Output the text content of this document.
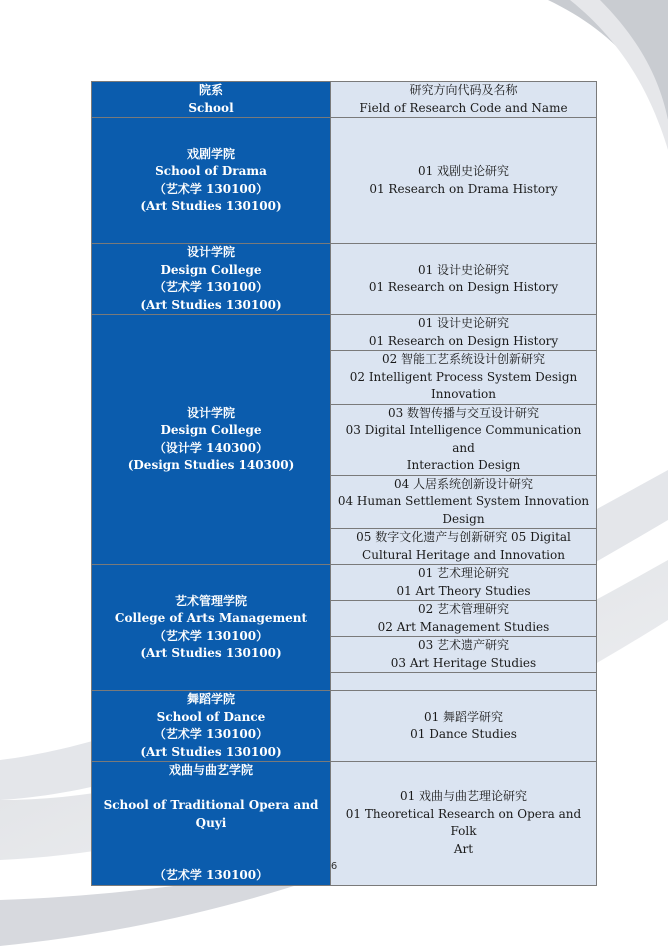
院系
School	研究方向代码及名称
Field of Research Code and Name

戏剧学院
School of Drama
（艺术学 130100）
(Art Studies 130100)	01 戏剧史论研究
01 Research on Drama History

设计学院
Design College
（艺术学 130100）
(Art Studies 130100)	01 设计史论研究
01 Research on Design History

设计学院
Design College
（设计学 140300）
(Design Studies 140300)	01 设计史论研究
01 Research on Design History

	02 智能工艺系统设计创新研究
02 Intelligent Process System Design
Innovation

	03 数智传播与交互设计研究
03 Digital Intelligence Communication and
Interaction Design

	04 人居系统创新设计研究
04 Human Settlement System Innovation
Design

	05 数字文化遗产与创新研究 05 Digital
Cultural Heritage and Innovation

艺术管理学院
College of Arts Management
（艺术学 130100）
(Art Studies 130100)	01 艺术理论研究
01 Art Theory Studies

	02 艺术管理研究
02 Art Management Studies

	03 艺术遗产研究
03 Art Heritage Studies

舞蹈学院
School of Dance
（艺术学 130100）
(Art Studies 130100)	01 舞蹈学研究
01 Dance Studies

戏曲与曲艺学院
School of Traditional Opera and Quyi
（艺术学 130100）	01 戏曲与曲艺理论研究
01 Theoretical Research on Opera and Folk
Art
6
